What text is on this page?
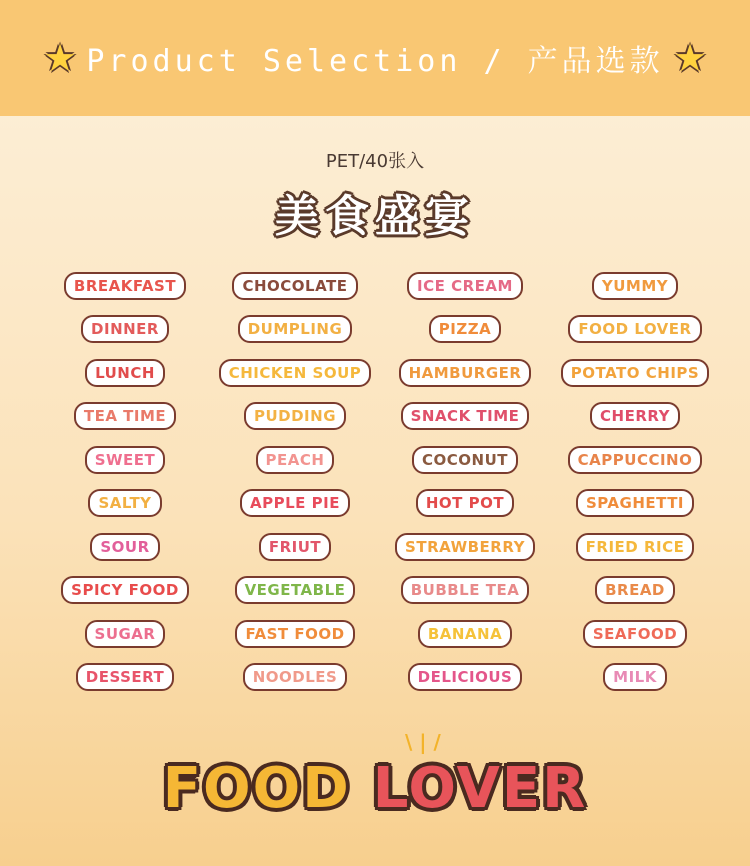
★ Product Selection / 产品选款 ★
PET/40张入
美食盛宴
BREAKFAST	CHOCOLATE	ICE CREAM	YUMMY
DINNER	DUMPLING	PIZZA	FOOD LOVER
LUNCH	CHICKEN SOUP	HAMBURGER	POTATO CHIPS
TEA TIME	PUDDING	SNACK TIME	CHERRY
SWEET	PEACH	COCONUT	CAPPUCCINO
SALTY	APPLE PIE	HOT POT	SPAGHETTI
SOUR	FRIUT	STRAWBERRY	FRIED RICE
SPICY FOOD	VEGETABLE	BUBBLE TEA	BREAD
SUGAR	FAST FOOD	BANANA	SEAFOOD
DESSERT	NOODLES	DELICIOUS	MILK
\ | /
FOOD LOVER
